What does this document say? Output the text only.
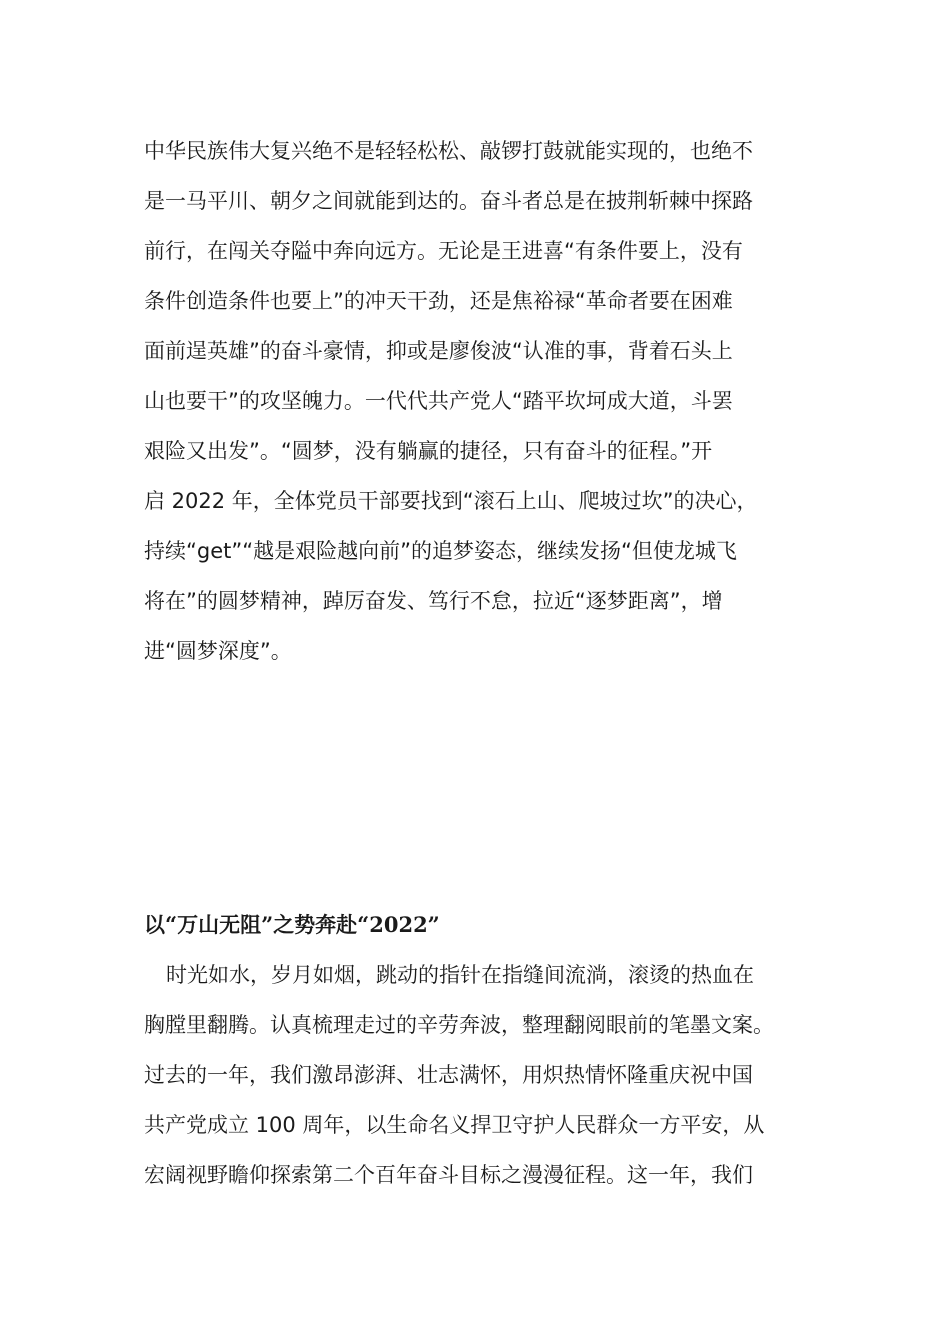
中华民族伟大复兴绝不是轻轻松松、敲锣打鼓就能实现的，也绝不
是一马平川、朝夕之间就能到达的。奋斗者总是在披荆斩棘中探路
前行，在闯关夺隘中奔向远方。无论是王进喜“有条件要上，没有
条件创造条件也要上”的冲天干劲，还是焦裕禄“革命者要在困难
面前逞英雄”的奋斗豪情，抑或是廖俊波“认准的事，背着石头上
山也要干”的攻坚魄力。一代代共产党人“踏平坎坷成大道，斗罢
艰险又出发”。“圆梦，没有躺赢的捷径，只有奋斗的征程。”开
启 2022 年，全体党员干部要找到“滚石上山、爬坡过坎”的决心，
持续“get”“越是艰险越向前”的追梦姿态，继续发扬“但使龙城飞
将在”的圆梦精神，踔厉奋发、笃行不怠，拉近“逐梦距离”，增
进“圆梦深度”。
以“万山无阻”之势奔赴“2022”
时光如水，岁月如烟，跳动的指针在指缝间流淌，滚烫的热血在
胸膛里翻腾。认真梳理走过的辛劳奔波，整理翻阅眼前的笔墨文案。
过去的一年，我们激昂澎湃、壮志满怀，用炽热情怀隆重庆祝中国
共产党成立 100 周年，以生命名义捍卫守护人民群众一方平安，从
宏阔视野瞻仰探索第二个百年奋斗目标之漫漫征程。这一年，我们
